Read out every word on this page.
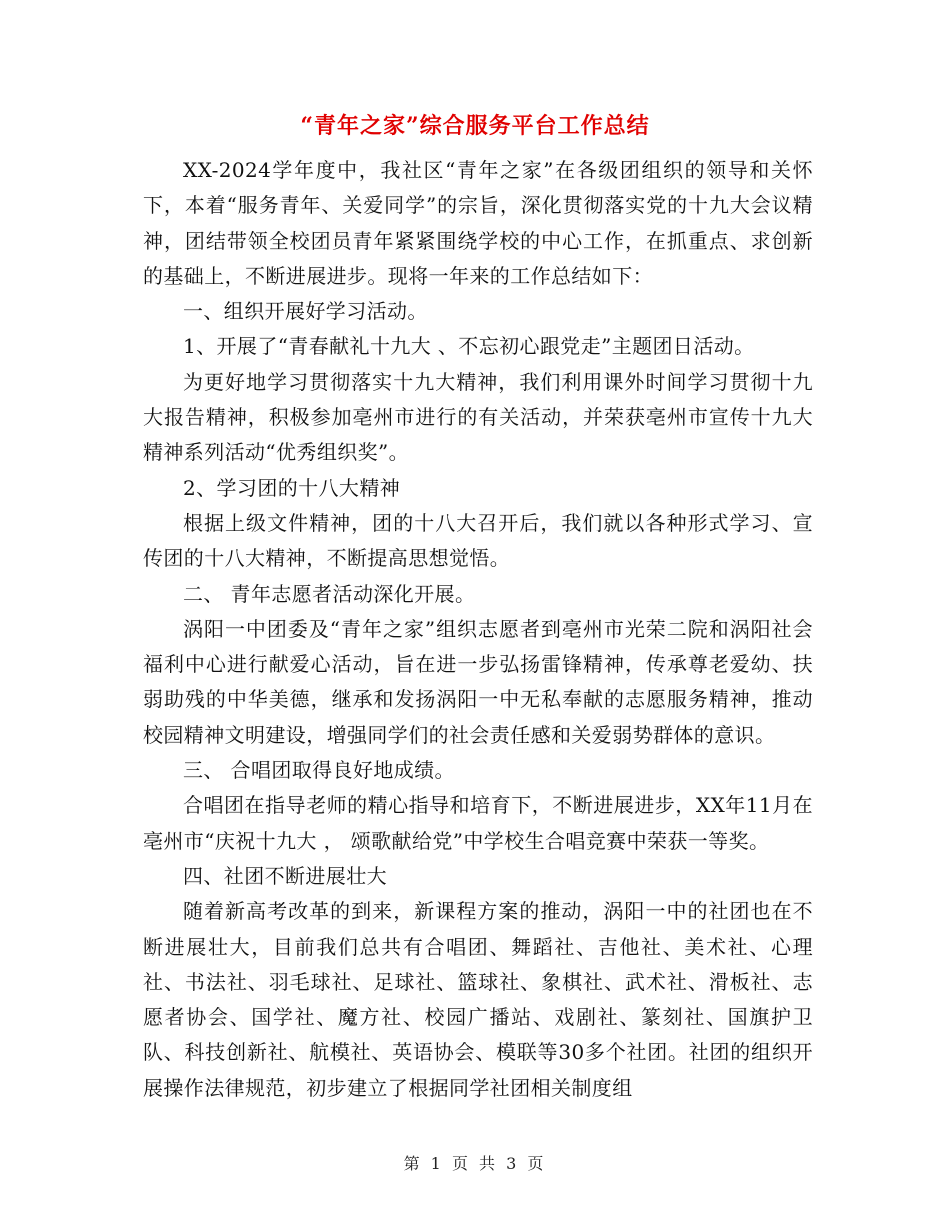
“青年之家”综合服务平台工作总结

XX-2024学年度中，我社区“青年之家”在各级团组织的领导和关怀下，本着“服务青年、关爱同学”的宗旨，深化贯彻落实党的十九大会议精神，团结带领全校团员青年紧紧围绕学校的中心工作，在抓重点、求创新的基础上，不断进展进步。现将一年来的工作总结如下：

一、组织开展好学习活动。

1、开展了“青春献礼十九大 、不忘初心跟党走”主题团日活动。

为更好地学习贯彻落实十九大精神，我们利用课外时间学习贯彻十九大报告精神，积极参加亳州市进行的有关活动，并荣获亳州市宣传十九大精神系列活动“优秀组织奖”。

2、学习团的十八大精神

根据上级文件精神，团的十八大召开后，我们就以各种形式学习、宣传团的十八大精神，不断提高思想觉悟。

二、 青年志愿者活动深化开展。

涡阳一中团委及“青年之家”组织志愿者到亳州市光荣二院和涡阳社会福利中心进行献爱心活动，旨在进一步弘扬雷锋精神，传承尊老爱幼、扶弱助残的中华美德，继承和发扬涡阳一中无私奉献的志愿服务精神，推动校园精神文明建设，增强同学们的社会责任感和关爱弱势群体的意识。

三、 合唱团取得良好地成绩。

合唱团在指导老师的精心指导和培育下，不断进展进步，XX年11月在亳州市“庆祝十九大 ， 颂歌献给党”中学校生合唱竞赛中荣获一等奖。

四、社团不断进展壮大

随着新高考改革的到来，新课程方案的推动，涡阳一中的社团也在不断进展壮大，目前我们总共有合唱团、舞蹈社、吉他社、美术社、心理社、书法社、羽毛球社、足球社、篮球社、象棋社、武术社、滑板社、志愿者协会、国学社、魔方社、校园广播站、戏剧社、篆刻社、国旗护卫队、科技创新社、航模社、英语协会、模联等30多个社团。社团的组织开展操作法律规范，初步建立了根据同学社团相关制度组

第 1 页 共 3 页
